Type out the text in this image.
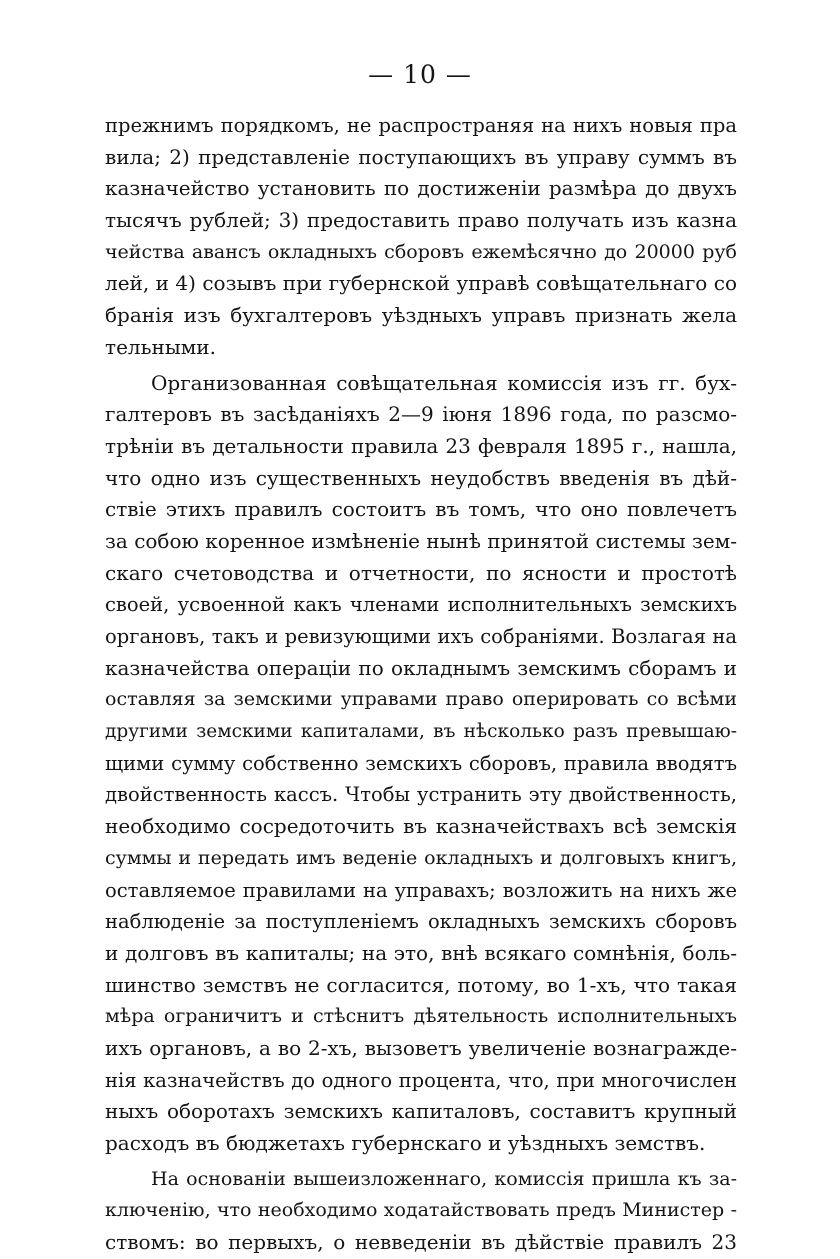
— 10 —
прежнимъ порядкомъ, не распространяя на нихъ новыя пра
вила; 2) представленіе поступающихъ въ управу суммъ въ
казначейство установить по достиженіи размѣра до двухъ
тысячъ рублей; 3) предоставить право получать изъ казна
чейства авансъ окладныхъ сборовъ ежемѣсячно до 20000 руб
лей, и 4) созывъ при губернской управѣ совѣщательнаго со
бранія изъ бухгалтеровъ уѣздныхъ управъ признать жела
тельными.
Организованная совѣщательная комиссія изъ гг. бух-
галтеровъ въ засѣданіяхъ 2—9 іюня 1896 года, по разсмо-
трѣніи въ детальности правила 23 февраля 1895 г., нашла,
что одно изъ существенныхъ неудобствъ введенія въ дѣй-
ствіе этихъ правилъ состоитъ въ томъ, что оно повлечетъ
за собою коренное измѣненіе нынѣ принятой системы зем-
скаго счетоводства и отчетности, по ясности и простотѣ
своей, усвоенной какъ членами исполнительныхъ земскихъ
органовъ, такъ и ревизующими ихъ собраніями. Возлагая на
казначейства операціи по окладнымъ земскимъ сборамъ и
оставляя за земскими управами право оперировать со всѣми
другими земскими капиталами, въ нѣсколько разъ превышаю-
щими сумму собственно земскихъ сборовъ, правила вводятъ
двойственность кассъ. Чтобы устранить эту двойственность,
необходимо сосредоточить въ казначействахъ всѣ земскія
суммы и передать имъ веденіе окладныхъ и долговыхъ книгъ,
оставляемое правилами на управахъ; возложить на нихъ же
наблюденіе за поступленіемъ окладныхъ земскихъ сборовъ
и долговъ въ капиталы; на это, внѣ всякаго сомнѣнія, боль-
шинство земствъ не согласится, потому, во 1-хъ, что такая
мѣра ограничитъ и стѣснитъ дѣятельность исполнительныхъ
ихъ органовъ, а во 2-хъ, вызоветъ увеличеніе вознагражде-
нія казначействъ до одного процента, что, при многочислен
ныхъ оборотахъ земскихъ капиталовъ, составитъ крупный
расходъ въ бюджетахъ губернскаго и уѣздныхъ земствъ.
На основаніи вышеизложеннаго, комиссія пришла къ за-
ключенію, что необходимо ходатайствовать предъ Министер -
ствомъ: во первыхъ, о невведеніи въ дѣйствіе правилъ 23
